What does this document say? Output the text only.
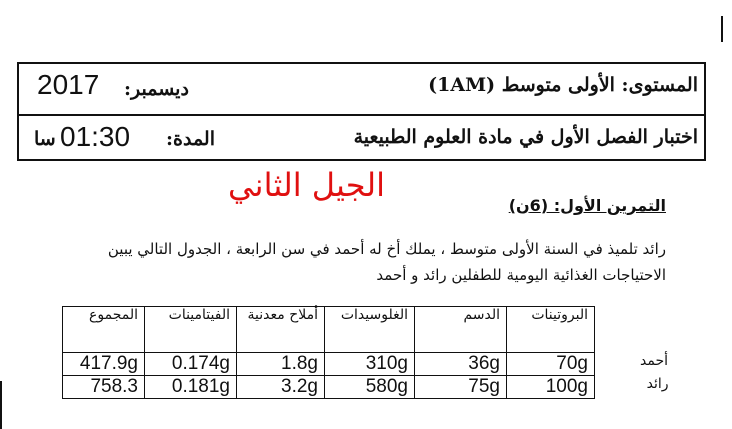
المستوى: الأولى متوسط (1AM)
ديسمبر:
2017
اختبار الفصل الأول في مادة العلوم الطبيعية
المدة:
01:30
سا
الجيل الثاني
التمرين الأول: (6ن)
رائد تلميذ في السنة الأولى متوسط ، يملك أخ له أحمد في سن الرابعة ، الجدول التالي يبين
الاحتياجات الغذائية اليومية للطفلين رائد و أحمد
المجموع	الفيتامينات	أملاح معدنية	الغلوسيدات	الدسم	البروتينات	
417.9g	0.174g	1.8g	310g	36g	70g	أحمد
758.3	0.181g	3.2g	580g	75g	100g	رائد
